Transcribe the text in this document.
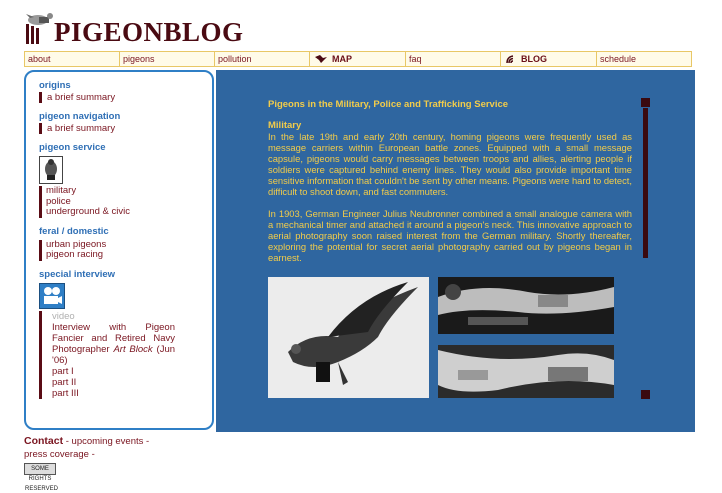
PIGEONBLOG
about	pigeons	pollution	MAP	faq	BLOG	schedule
origins
a brief summary
pigeon navigation
a brief summary
pigeon service
military
police
underground & civic
feral / domestic
urban pigeons
pigeon racing
special interview
video
Interview with Pigeon Fancier and Retired Navy Photographer Art Block (Jun '06)
part I
part II
part III
Pigeons in the Military, Police and Trafficking Service
Military

In the late 19th and early 20th century, homing pigeons were frequently used as message carriers within European battle zones. Equipped with a small message capsule, pigeons would carry messages between troops and allies, alerting people if soldiers were captured behind enemy lines. They would also provide important time sensitive information that couldn't be sent by other means. Pigeons were hard to detect, difficult to shoot down, and fast commuters.

In 1903, German Engineer Julius Neubronner combined a small analogue camera with a mechanical timer and attached it around a pigeon's neck. This innovative approach to aerial photography soon raised interest from the German military. Shortly thereafter, exploring the potential for secret aerial photography carried out by pigeons began in earnest.

Contact - upcoming events -
press coverage -
SOME RIGHTS RESERVED
